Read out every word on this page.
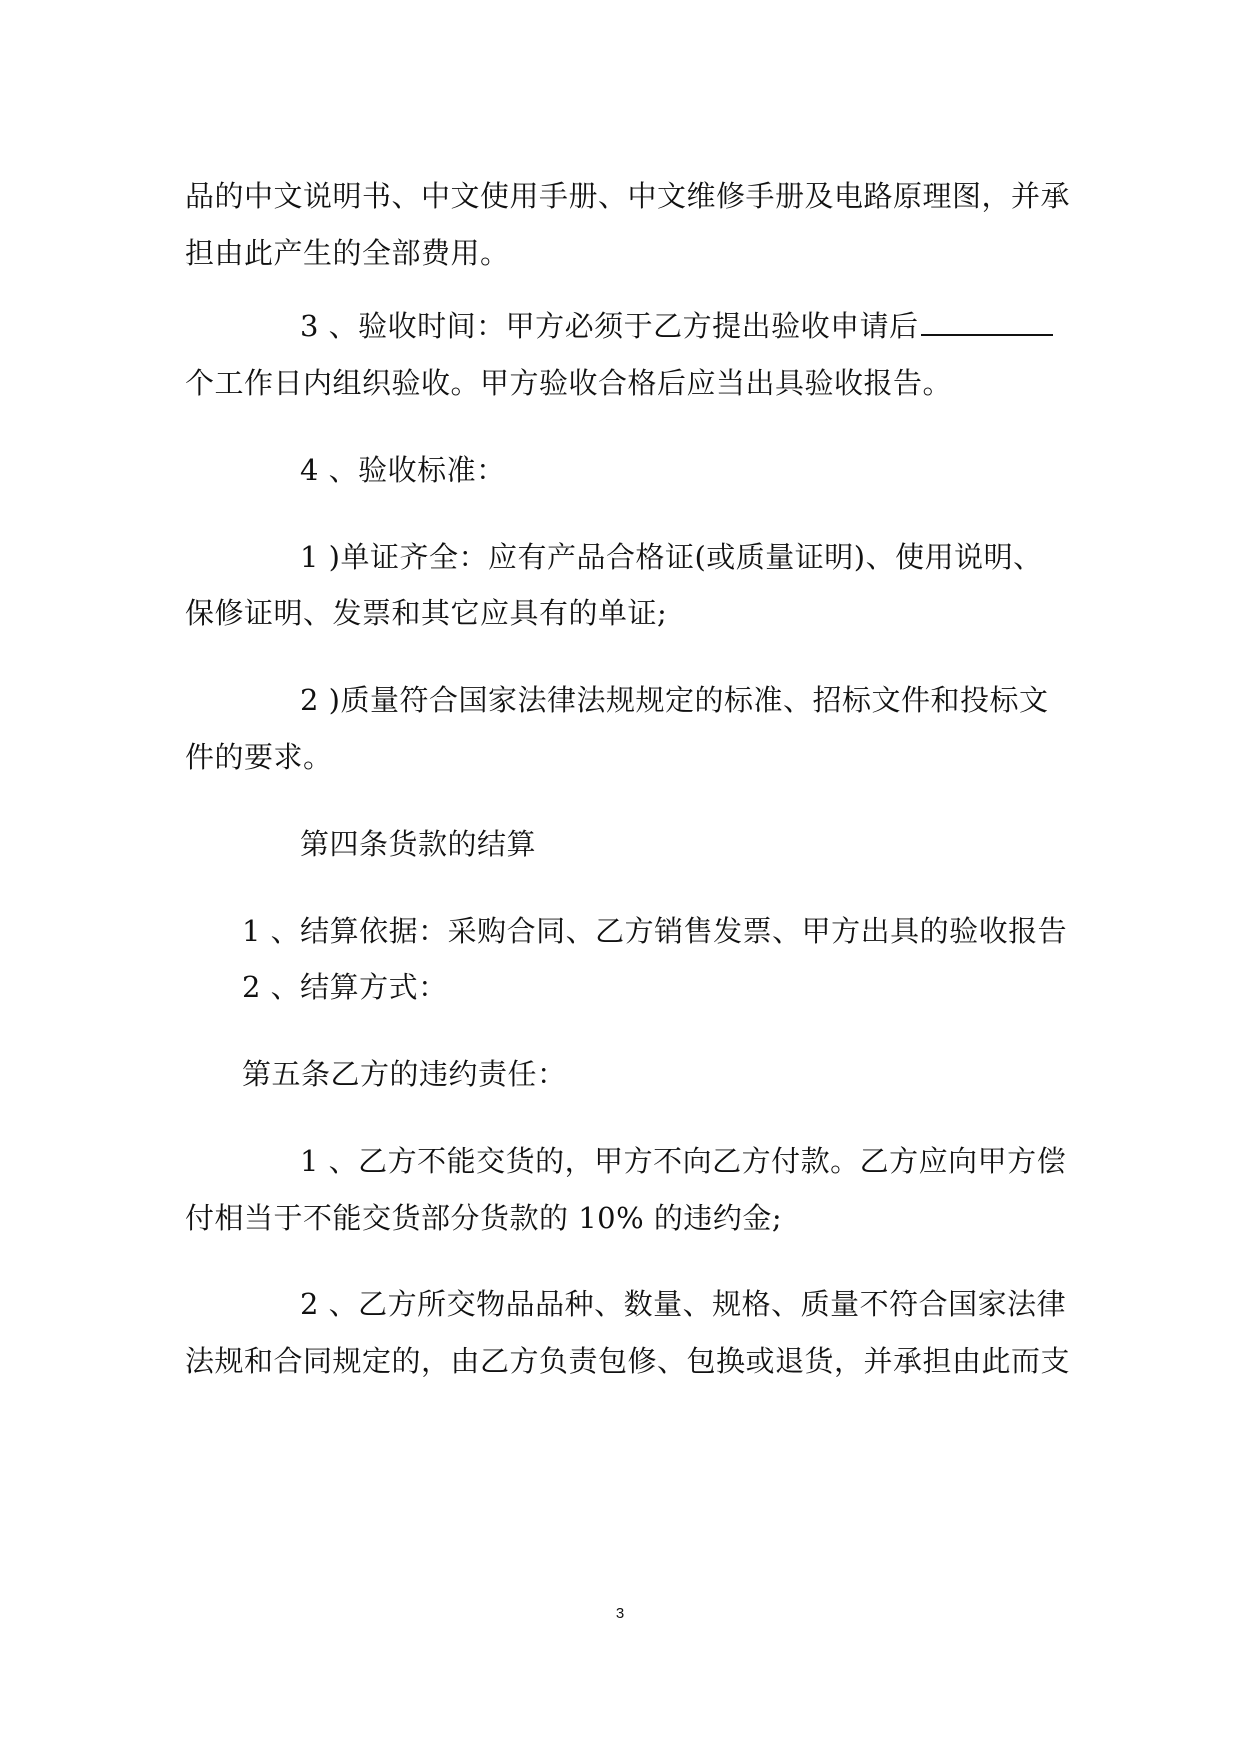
品的中文说明书、中文使用手册、中文维修手册及电路原理图，并承
担由此产生的全部费用。
3 、验收时间：甲方必须于乙方提出验收申请后
个工作日内组织验收。甲方验收合格后应当出具验收报告。
4 、验收标准：
1 )单证齐全：应有产品合格证(或质量证明)、使用说明、
保修证明、发票和其它应具有的单证;
2 )质量符合国家法律法规规定的标准、招标文件和投标文
件的要求。
第四条货款的结算
1 、结算依据：采购合同、乙方销售发票、甲方出具的验收报告
2 、结算方式：
第五条乙方的违约责任：
1 、乙方不能交货的，甲方不向乙方付款。乙方应向甲方偿
付相当于不能交货部分货款的 10% 的违约金;
2 、乙方所交物品品种、数量、规格、质量不符合国家法律
法规和合同规定的，由乙方负责包修、包换或退货，并承担由此而支
3
